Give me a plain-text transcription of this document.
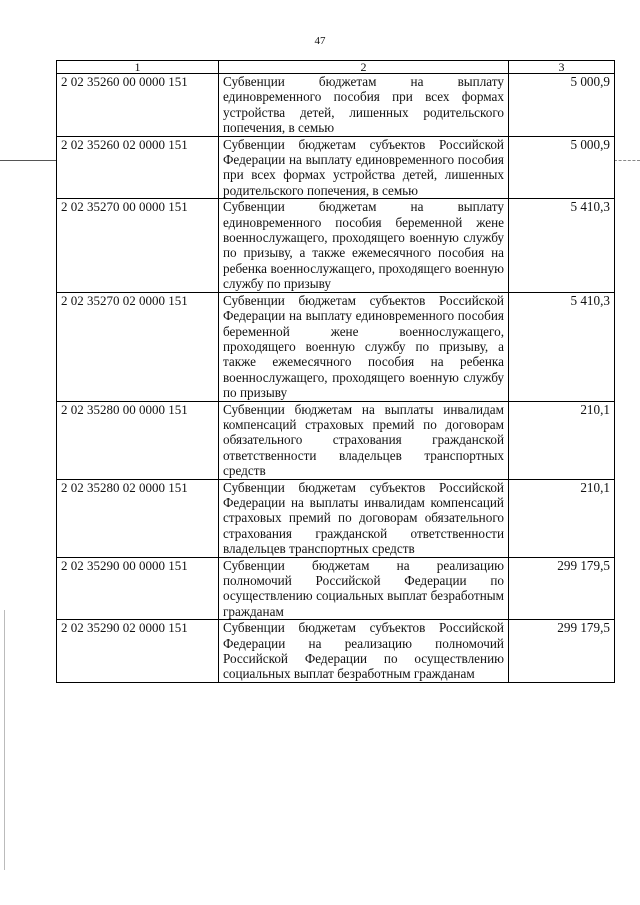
47
1	2	3
2 02 35260 00 0000 151	Субвенции бюджетам на выплату единовременного пособия при всех формах устройства детей, лишенных родительского попечения, в семью	5 000,9
2 02 35260 02 0000 151	Субвенции бюджетам субъектов Российской Федерации на выплату единовременного пособия при всех формах устройства детей, лишенных родительского попечения, в семью	5 000,9
2 02 35270 00 0000 151	Субвенции бюджетам на выплату единовременного пособия беременной жене военнослужащего, проходящего военную службу по призыву, а также ежемесячного пособия на ребенка военнослужащего, проходящего военную службу по призыву	5 410,3
2 02 35270 02 0000 151	Субвенции бюджетам субъектов Российской Федерации на выплату единовременного пособия беременной жене военнослужащего, проходящего военную службу по призыву, а также ежемесячного пособия на ребенка военнослужащего, проходящего военную службу по призыву	5 410,3
2 02 35280 00 0000 151	Субвенции бюджетам на выплаты инвалидам компенсаций страховых премий по договорам обязательного страхования гражданской ответственности владельцев транспортных средств	210,1
2 02 35280 02 0000 151	Субвенции бюджетам субъектов Российской Федерации на выплаты инвалидам компенсаций страховых премий по договорам обязательного страхования гражданской ответственности владельцев транспортных средств	210,1
2 02 35290 00 0000 151	Субвенции бюджетам на реализацию полномочий Российской Федерации по осуществлению социальных выплат безработным гражданам	299 179,5
2 02 35290 02 0000 151	Субвенции бюджетам субъектов Российской Федерации на реализацию полномочий Российской Федерации по осуществлению социальных выплат безработным гражданам	299 179,5
